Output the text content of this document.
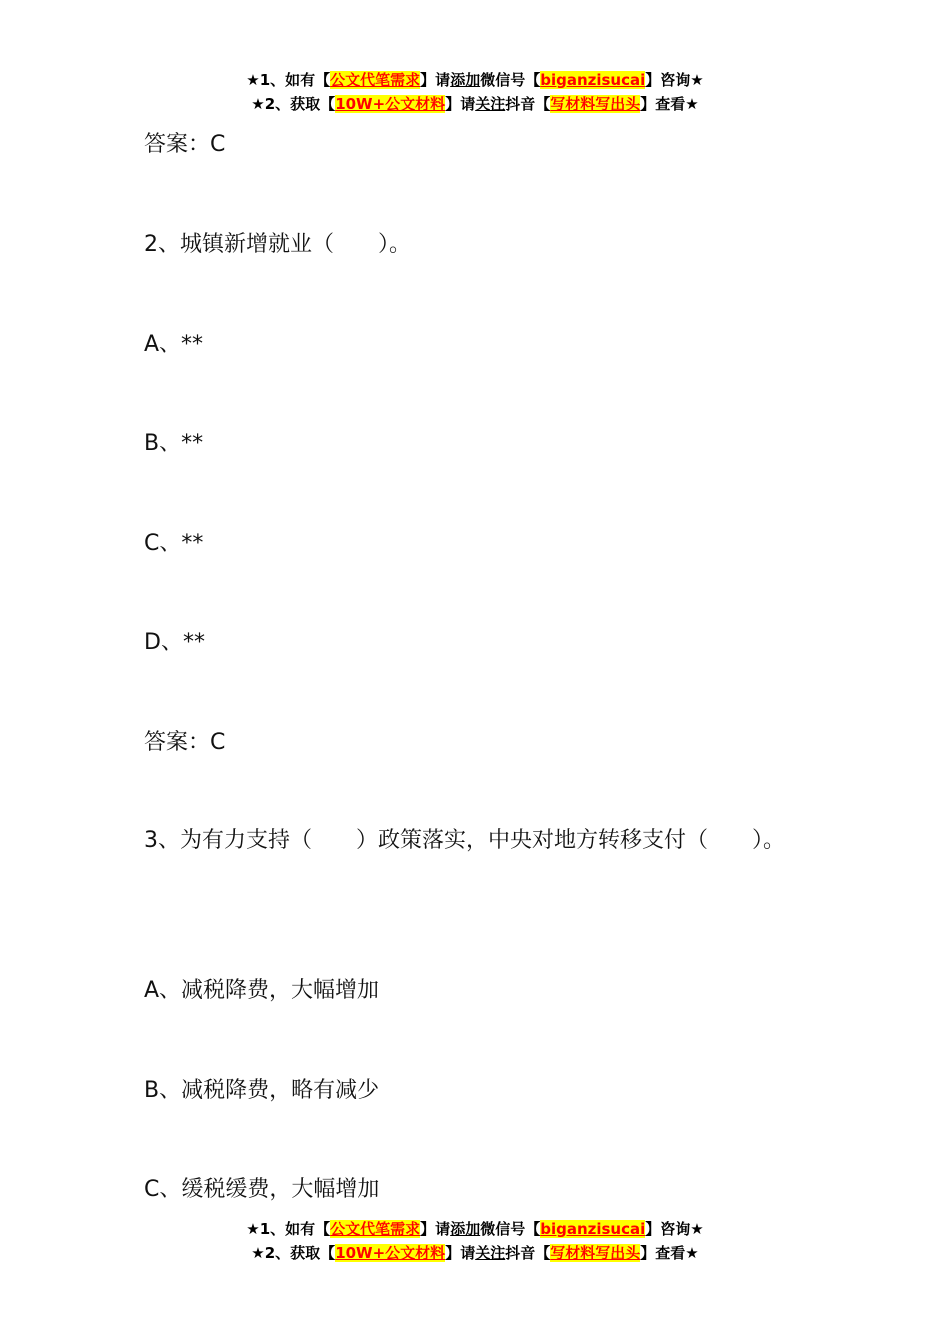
★1、如有【公文代笔需求】请添加微信号【biganzisucai】咨询★
★2、获取【10W+公文材料】请关注抖音【写材料写出头】查看★
答案：C
2、城镇新增就业（　　）。
A、**
B、**
C、**
D、**
答案：C
3、为有力支持（　　）政策落实，中央对地方转移支付（　　）。
A、减税降费，大幅增加
B、减税降费，略有减少
C、缓税缓费，大幅增加
★1、如有【公文代笔需求】请添加微信号【biganzisucai】咨询★
★2、获取【10W+公文材料】请关注抖音【写材料写出头】查看★
